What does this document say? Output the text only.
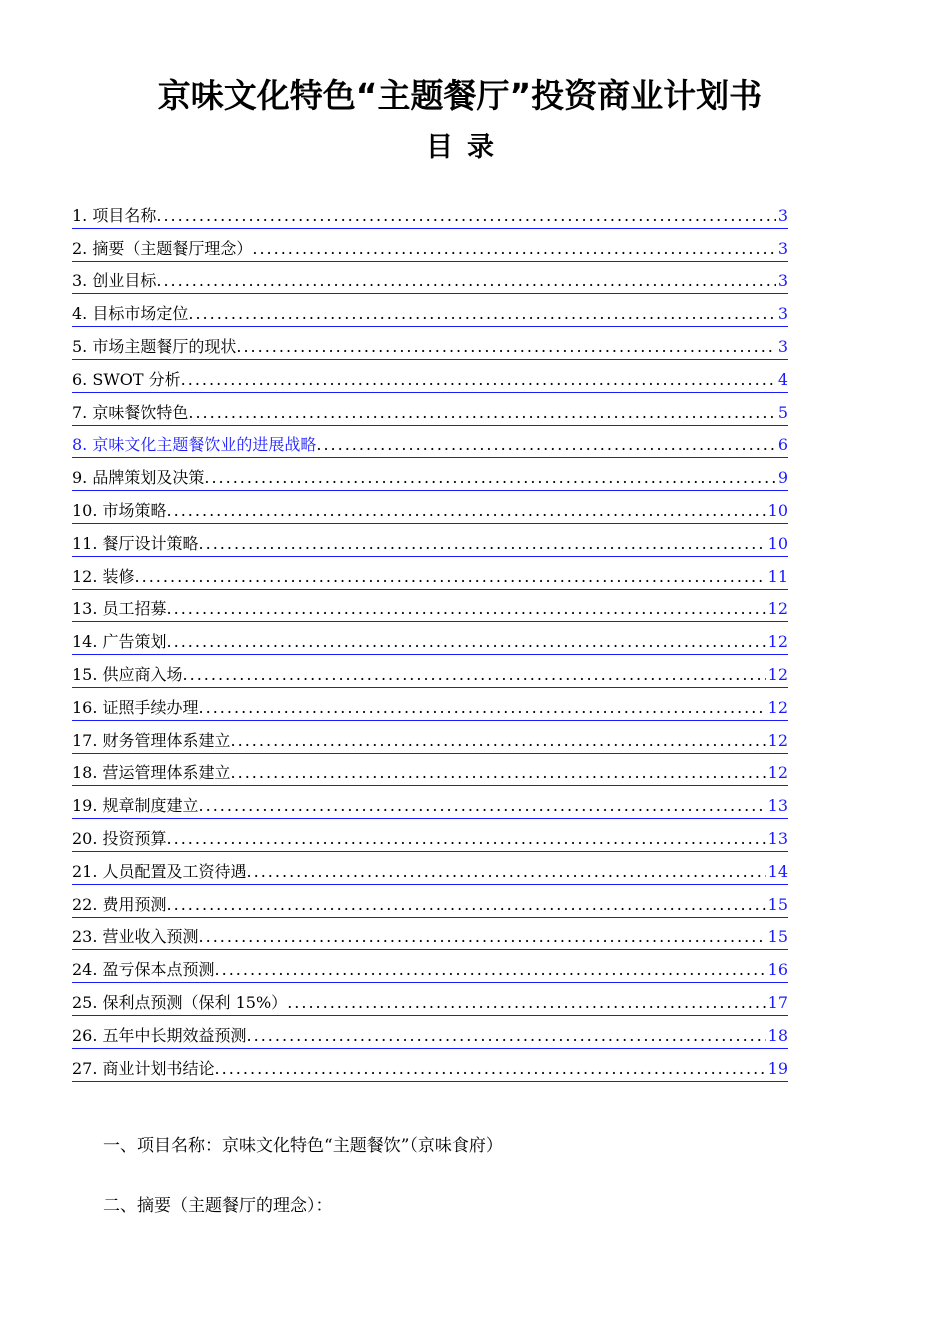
京味文化特色“主题餐厅”投资商业计划书
目 录
1. 项目名称 .....	3
2. 摘要（主题餐厅理念） .....	3
3. 创业目标 .....	3
4. 目标市场定位 .....	3
5. 市场主题餐厅的现状 .....	3
6. SWOT 分析 .....	4
7. 京味餐饮特色 .....	5
8. 京味文化主题餐饮业的进展战略 .....	6
9. 品牌策划及决策 .....	9
10. 市场策略 .....	10
11. 餐厅设计策略 .....	10
12. 装修 .....	11
13. 员工招募 .....	12
14. 广告策划 .....	12
15. 供应商入场 .....	12
16. 证照手续办理 .....	12
17. 财务管理体系建立 .....	12
18. 营运管理体系建立 .....	12
19. 规章制度建立 .....	13
20. 投资预算 .....	13
21. 人员配置及工资待遇 .....	14
22. 费用预测 .....	15
23. 营业收入预测 .....	15
24. 盈亏保本点预测 .....	16
25. 保利点预测（保利 15%） .....	17
26. 五年中长期效益预测 .....	18
27. 商业计划书结论 .....	19

一、项目名称：京味文化特色“主题餐饮”（京味食府）

二、摘要（主题餐厅的理念）：
